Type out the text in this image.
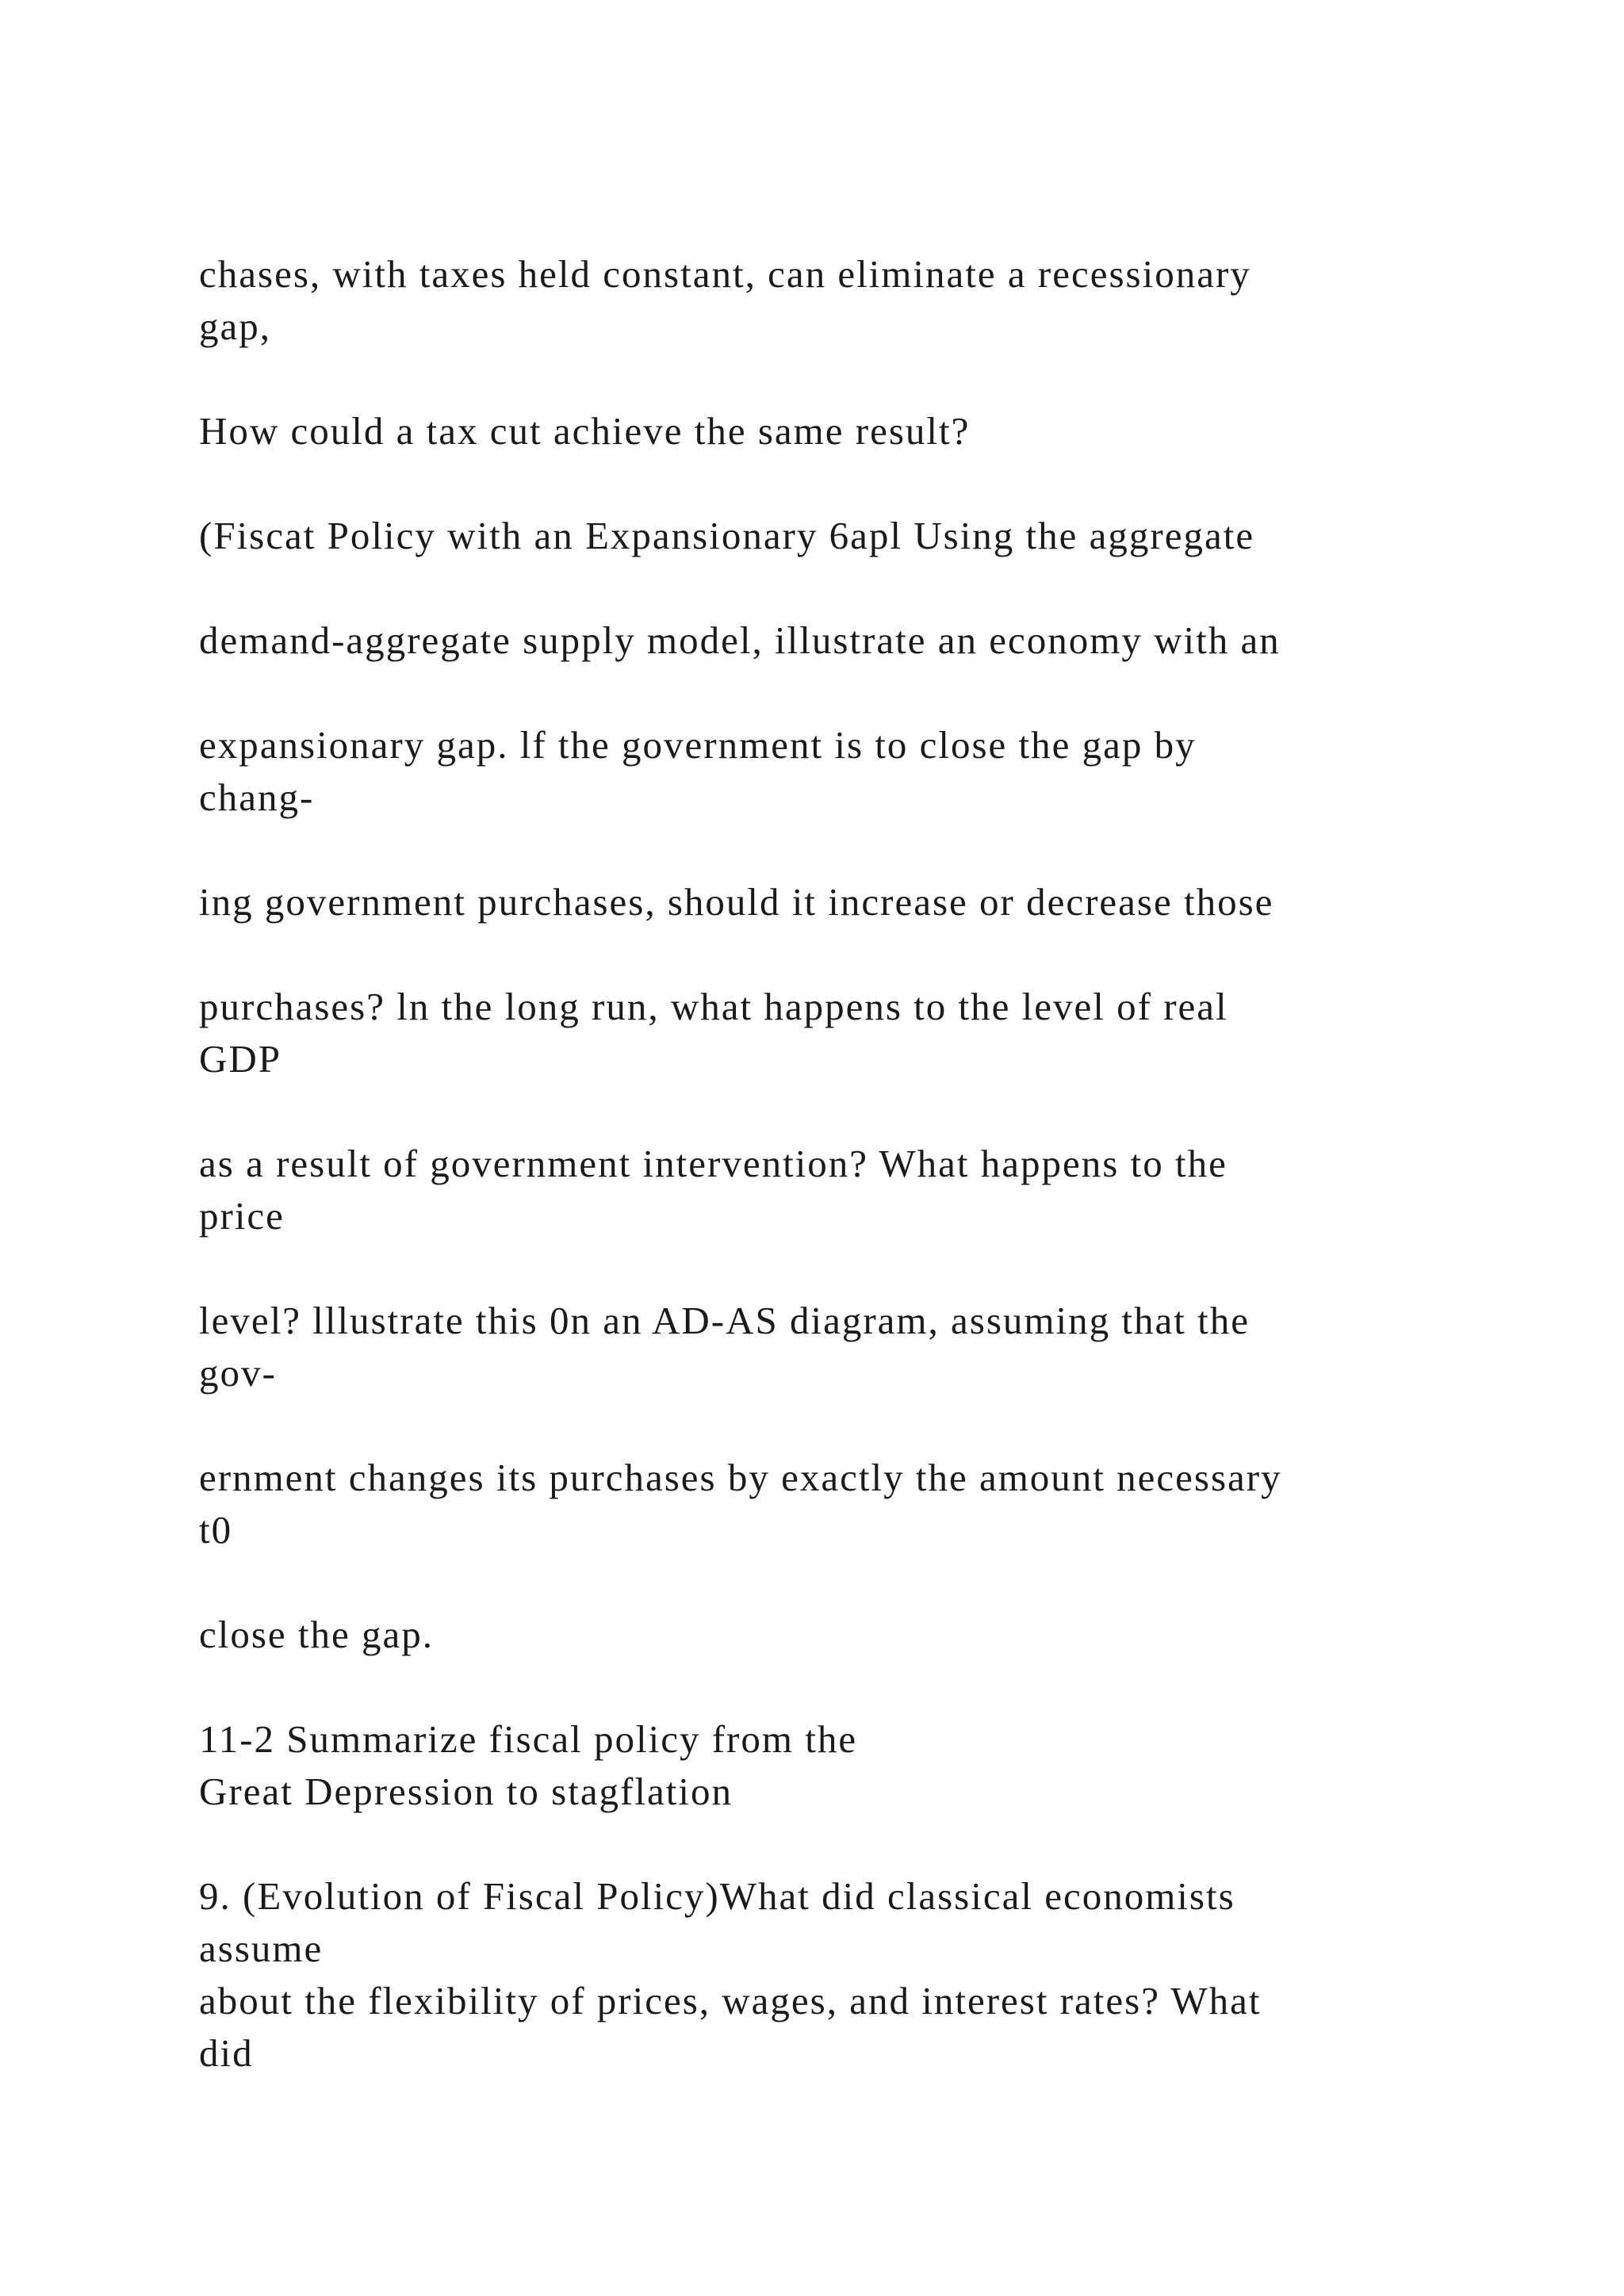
chases, with taxes held constant, can eliminate a recessionary

gap,

How could a tax cut achieve the same result?

(Fiscat Policy with an Expansionary 6apl Using the aggregate

demand-aggregate supply model, illustrate an economy with an

expansionary gap. lf the government is to close the gap by

chang-

ing government purchases, should it increase or decrease those

purchases? ln the long run, what happens to the level of real

GDP

as a result of government intervention? What happens to the

price

level? lllustrate this 0n an AD-AS diagram, assuming that the

gov-

ernment changes its purchases by exactly the amount necessary

t0

close the gap.

11-2 Summarize fiscal policy from the

Great Depression to stagflation

9. (Evolution of Fiscal Policy)What did classical economists

assume

about the flexibility of prices, wages, and interest rates? What

did
